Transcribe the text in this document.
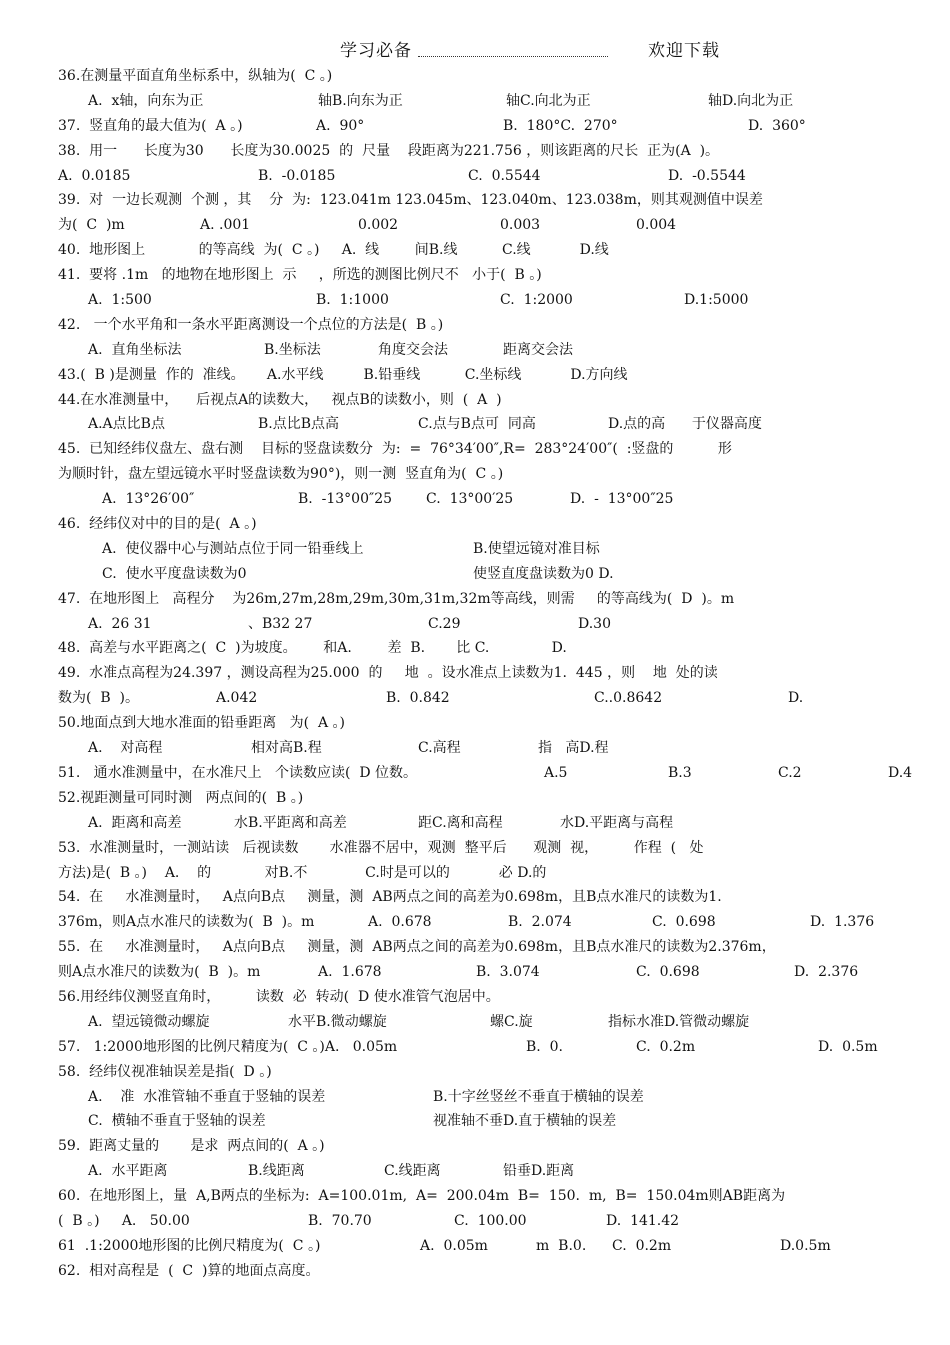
学习必备	欢迎下载
36.在测量平面直角坐标系中，纵轴为(  C 。)
A.  x轴，向东为正	轴B.向东为正	轴C.向北为正	轴D.向北为正
37.  竖直角的最大值为(  A 。)	A.  90°	B.  180°C.  270°	D.  360°
38.  用一      长度为30      长度为30.0025  的  尺量    段距离为221.756 ，则该距离的尺长  正为(A  )。
A.  0.0185	B.  -0.0185	C.  0.5544	D.  -0.5544
39.  对  一边长观测  个测 ，其    分  为:  123.041m 123.045m、123.040m、123.038m，则其观测值中误差
为(  C  )m	A. .001	0.002	0.003	0.004
40.  地形图上            的等高线  为(  C 。)     A.  线        间B.线          C.线           D.线
41.  要将 .1m   的地物在地形图上  示     ，所选的测图比例尺不   小于(  B 。)
A.  1:500	B.  1:1000	C.  1:2000	D.1:5000
42.   一个水平角和一条水平距离测设一个点位的方法是(  B 。)
A.  直角坐标法	B.坐标法	角度交会法	距离交会法
43.(  B )是测量  作的  准线。     A.水平线         B.铅垂线          C.坐标线           D.方向线
44.在水准测量中，    后视点A的读数大，   视点B的读数小，则  (  A  )
A.A点比B点	B.点比B点高	C.点与B点可  同高	D.点的高      于仪器高度
45.  已知经纬仪盘左、盘右测    目标的竖盘读数分  为:  =  76°34′00″,R=  283°24′00″(  :竖盘的          形
为顺时针，盘左望远镜水平时竖盘读数为90°)，则一测  竖直角为(  C 。)
A.  13°26′00″	B.  -13°00″25 C.  13°00′25	D.  -  13°00″25
46.  经纬仪对中的目的是(  A 。)
A.  使仪器中心与测站点位于同一铅垂线上	B.使望远镜对准目标
C.  使水平度盘读数为0	使竖直度盘读数为0 D.
47.  在地形图上   高程分    为26m,27m,28m,29m,30m,31m,32m等高线，则需     的等高线为(  D  )。m
A.  26 31	、B32 27	C.29	D.30
48.  高差与水平距离之(  C  )为坡度。      和A.        差  B.       比 C.              D.
49.  水准点高程为24.397 ，测设高程为25.000  的     地  。设水准点上读数为1.  445 ，则    地  处的读
数为(  B  )。	A.042	B.  0.842	C..0.8642	D.
50.地面点到大地水准面的铅垂距离   为(  A 。)
A.    对高程	相对高B.程	C.高程	指   高D.程
51.   通水准测量中，在水准尺上   个读数应读(  D 位数。	A.5	B.3	C.2	D.4
52.视距测量可同时测   两点间的(  B 。)
A.  距离和高差	水B.平距离和高差	距C.离和高程	水D.平距离与高程
53.  水准测量时，一测站读   后视读数       水准器不居中，观测  整平后      观测  视，        作程  (   处
方法)是(  B 。)    A.    的            对B.不             C.时是可以的           必 D.的
54.  在     水准测量时，   A点向B点     测量，测  AB两点之间的高差为0.698m，且B点水准尺的读数为1.
376m，则A点水准尺的读数为(  B  )。m	A.  0.678	B.  2.074	C.  0.698	D.  1.376
55.  在     水准测量时，   A点向B点     测量，测  AB两点之间的高差为0.698m，且B点水准尺的读数为2.376m，
则A点水准尺的读数为(  B  )。m	A.  1.678	B.  3.074	C.  0.698	D.  2.376
56.用经纬仪测竖直角时，        读数  必  转动(  D 使水准管气泡居中。
A.  望远镜微动螺旋	水平B.微动螺旋	螺C.旋	指标水准D.管微动螺旋
57.   1:2000地形图的比例尺精度为(  C 。)A.   0.05m	B.  0.	C.  0.2m	D.  0.5m
58.  经纬仪视准轴误差是指(  D 。)
A.    准  水准管轴不垂直于竖轴的误差	B.十字丝竖丝不垂直于横轴的误差
C.  横轴不垂直于竖轴的误差	视准轴不垂D.直于横轴的误差
59.  距离丈量的       是求  两点间的(  A 。)
A.  水平距离	B.线距离	C.线距离	铅垂D.距离
60.  在地形图上，量  A,B两点的坐标为:  A=100.01m,  A=  200.04m  B=  150.  m,  B=  150.04m则AB距离为
(  B 。)     A.   50.00	B.  70.70	C.  100.00	D.  141.42
61  .1:2000地形图的比例尺精度为(  C 。)	A.  0.05m	m  B.0. C.  0.2m	D.0.5m
62.  相对高程是  (  C  )算的地面点高度。
